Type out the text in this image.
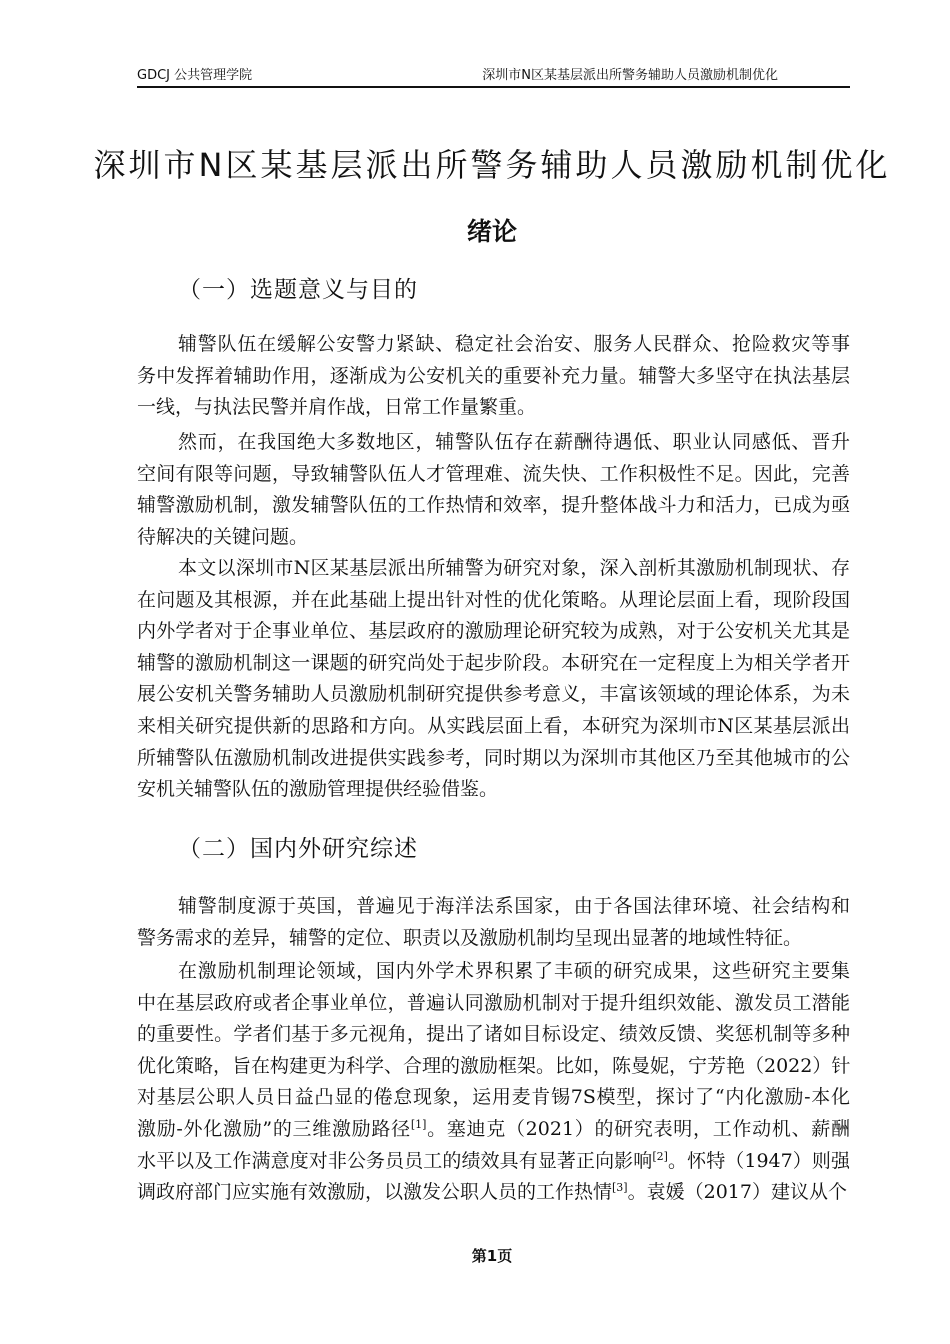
GDCJ 公共管理学院	深圳市N区某基层派出所警务辅助人员激励机制优化
深圳市N区某基层派出所警务辅助人员激励机制优化
绪论
（一）选题意义与目的
辅警队伍在缓解公安警力紧缺、稳定社会治安、服务人民群众、抢险救灾等事
务中发挥着辅助作用，逐渐成为公安机关的重要补充力量。辅警大多坚守在执法基层
一线，与执法民警并肩作战，日常工作量繁重。
然而，在我国绝大多数地区，辅警队伍存在薪酬待遇低、职业认同感低、晋升
空间有限等问题，导致辅警队伍人才管理难、流失快、工作积极性不足。因此，完善
辅警激励机制，激发辅警队伍的工作热情和效率，提升整体战斗力和活力，已成为亟
待解决的关键问题。
本文以深圳市N区某基层派出所辅警为研究对象，深入剖析其激励机制现状、存
在问题及其根源，并在此基础上提出针对性的优化策略。从理论层面上看，现阶段国
内外学者对于企事业单位、基层政府的激励理论研究较为成熟，对于公安机关尤其是
辅警的激励机制这一课题的研究尚处于起步阶段。本研究在一定程度上为相关学者开
展公安机关警务辅助人员激励机制研究提供参考意义，丰富该领域的理论体系，为未
来相关研究提供新的思路和方向。从实践层面上看，本研究为深圳市N区某基层派出
所辅警队伍激励机制改进提供实践参考，同时期以为深圳市其他区乃至其他城市的公
安机关辅警队伍的激励管理提供经验借鉴。
（二）国内外研究综述
辅警制度源于英国，普遍见于海洋法系国家，由于各国法律环境、社会结构和
警务需求的差异，辅警的定位、职责以及激励机制均呈现出显著的地域性特征。
在激励机制理论领域，国内外学术界积累了丰硕的研究成果，这些研究主要集
中在基层政府或者企事业单位，普遍认同激励机制对于提升组织效能、激发员工潜能
的重要性。学者们基于多元视角，提出了诸如目标设定、绩效反馈、奖惩机制等多种
优化策略，旨在构建更为科学、合理的激励框架。比如，陈曼妮，宁芳艳（2022）针
对基层公职人员日益凸显的倦怠现象，运用麦肯锡7S模型，探讨了“内化激励-本化
激励-外化激励”的三维激励路径[1]。塞迪克（2021）的研究表明，工作动机、薪酬
水平以及工作满意度对非公务员员工的绩效具有显著正向影响[2]。怀特（1947）则强
调政府部门应实施有效激励，以激发公职人员的工作热情[3]。袁媛（2017）建议从个
第1页
